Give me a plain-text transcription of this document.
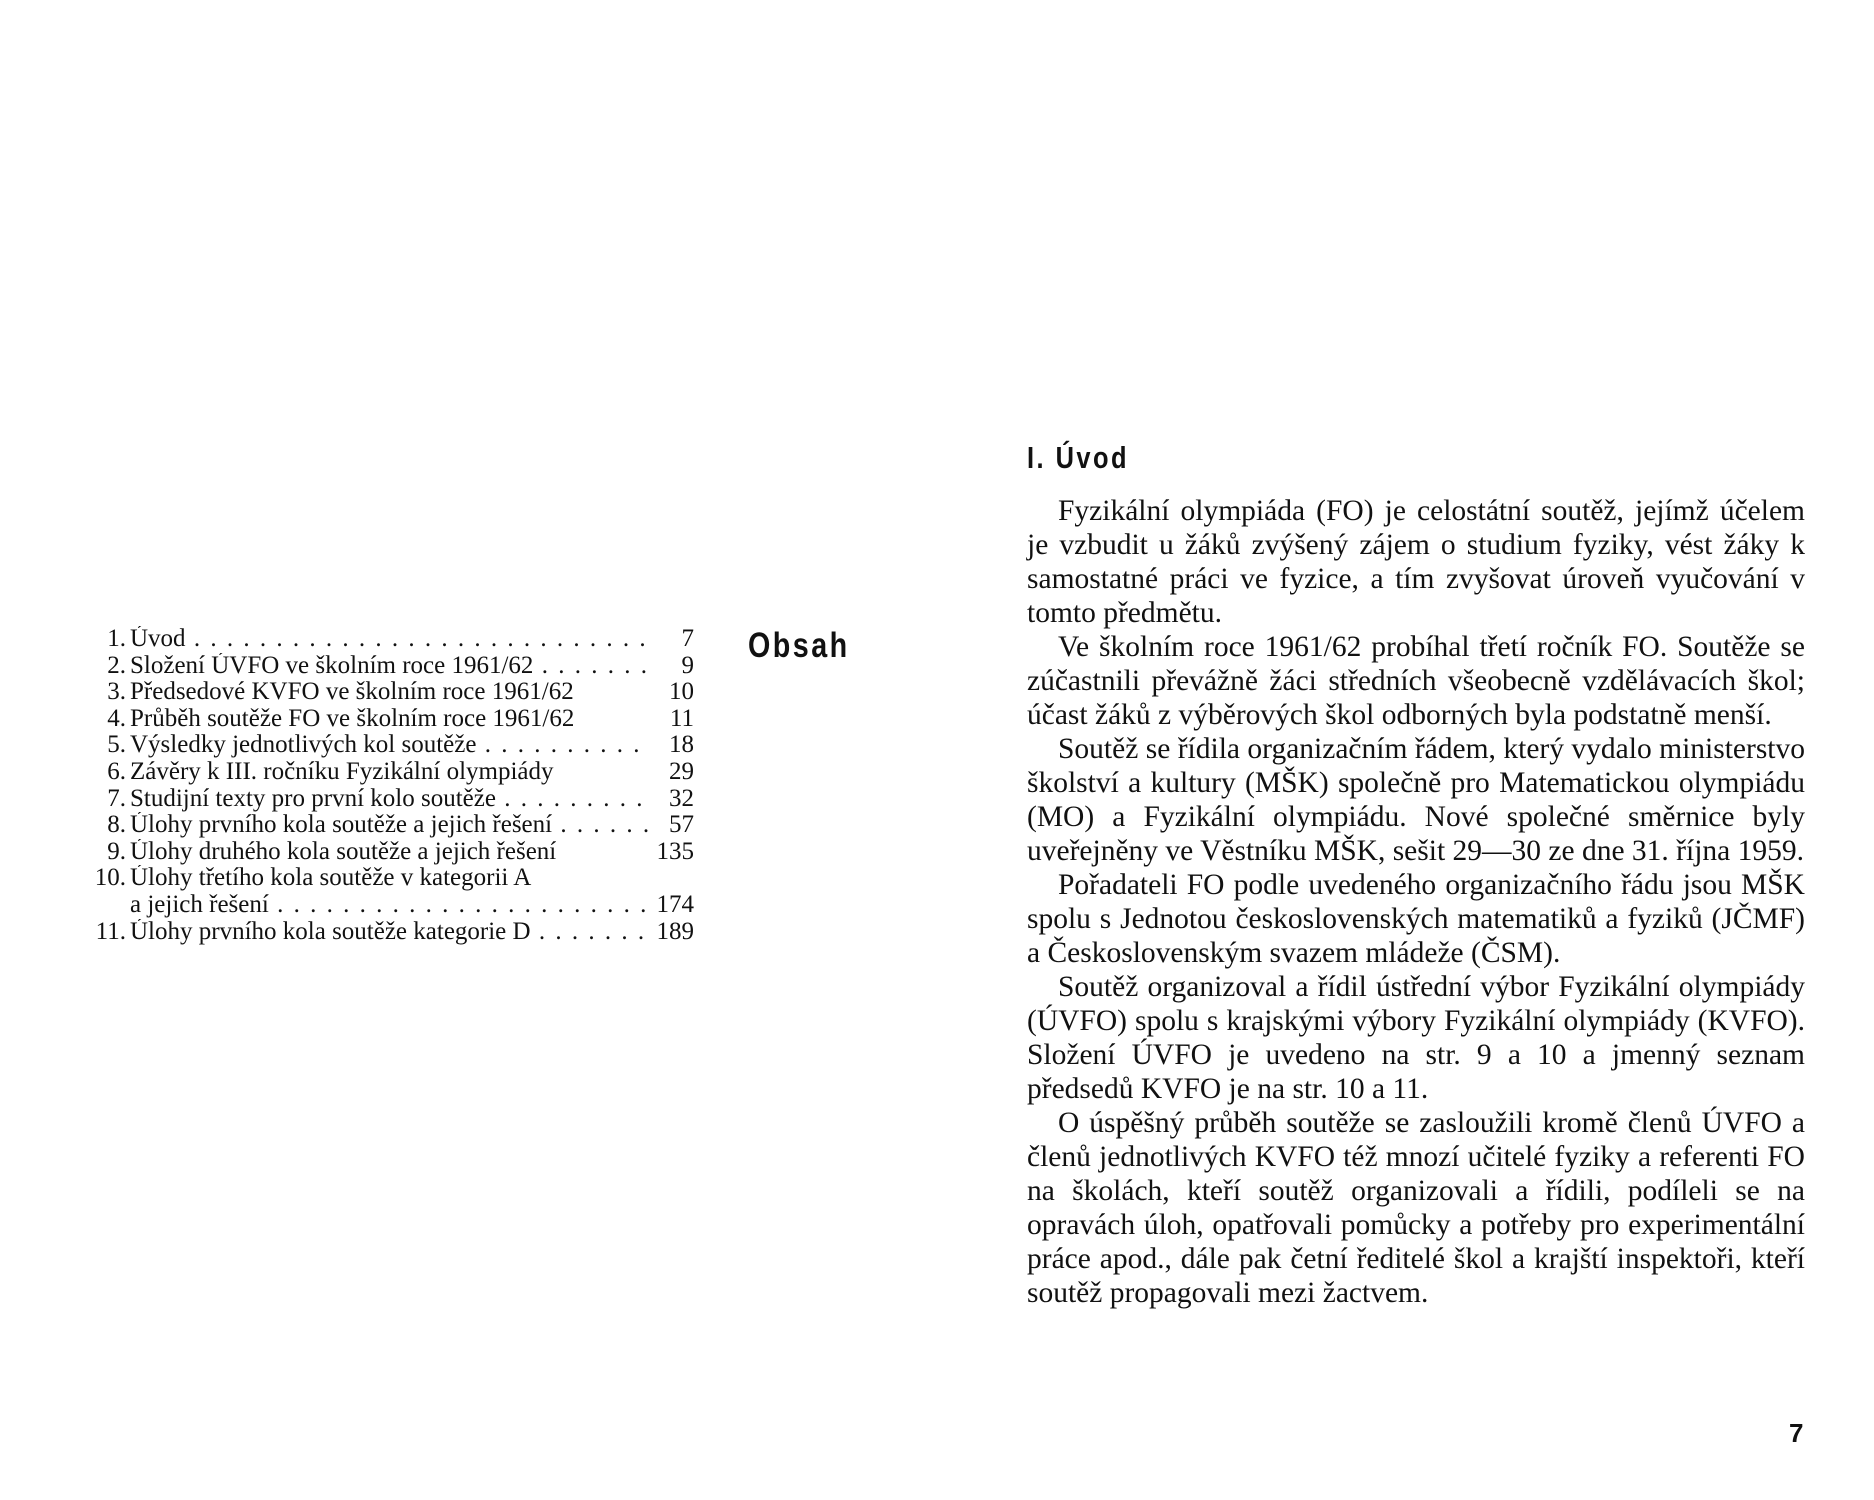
1. Úvod . . .	7
2. Složení ÚVFO ve školním roce 1961/62 . . .	9
3. Předsedové KVFO ve školním roce 1961/62	10
4. Průběh soutěže FO ve školním roce 1961/62	11
5. Výsledky jednotlivých kol soutěže . . .	18
6. Závěry k III. ročníku Fyzikální olympiády	29
7. Studijní texty pro první kolo soutěže . . .	32
8. Úlohy prvního kola soutěže a jejich řešení . . .	57
9. Úlohy druhého kola soutěže a jejich řešení	135
10. Úlohy třetího kola soutěže v kategorii A
a jejich řešení . . .	174
11. Úlohy prvního kola soutěže kategorie D . . .	189
Obsah
I. Úvod

Fyzikální olympiáda (FO) je celostátní soutěž, jejímž účelem je vzbudit u žáků zvýšený zájem o studium fyziky, vést žáky k samostatné práci ve fyzice, a tím zvyšovat úroveň vyučování v tomto předmětu.

Ve školním roce 1961/62 probíhal třetí ročník FO. Soutěže se zúčastnili převážně žáci středních všeobecně vzdělávacích škol; účast žáků z výběrových škol odborných byla podstatně menší.

Soutěž se řídila organizačním řádem, který vydalo ministerstvo školství a kultury (MŠK) společně pro Matematickou olympiádu (MO) a Fyzikální olympiádu. Nové společné směrnice byly uveřejněny ve Věstníku MŠK, sešit 29—30 ze dne 31. října 1959.

Pořadateli FO podle uvedeného organizačního řádu jsou MŠK spolu s Jednotou československých matematiků a fyziků (JČMF) a Československým svazem mládeže (ČSM).

Soutěž organizoval a řídil ústřední výbor Fyzikální olympiády (ÚVFO) spolu s krajskými výbory Fyzikální olympiády (KVFO). Složení ÚVFO je uvedeno na str. 9 a 10 a jmenný seznam předsedů KVFO je na str. 10 a 11.

O úspěšný průběh soutěže se zasloužili kromě členů ÚVFO a členů jednotlivých KVFO též mnozí učitelé fyziky a referenti FO na školách, kteří soutěž organizovali a řídili, podíleli se na opravách úloh, opatřovali pomůcky a potřeby pro experimentální práce apod., dále pak četní ředitelé škol a krajští inspektoři, kteří soutěž propagovali mezi žactvem.

7
